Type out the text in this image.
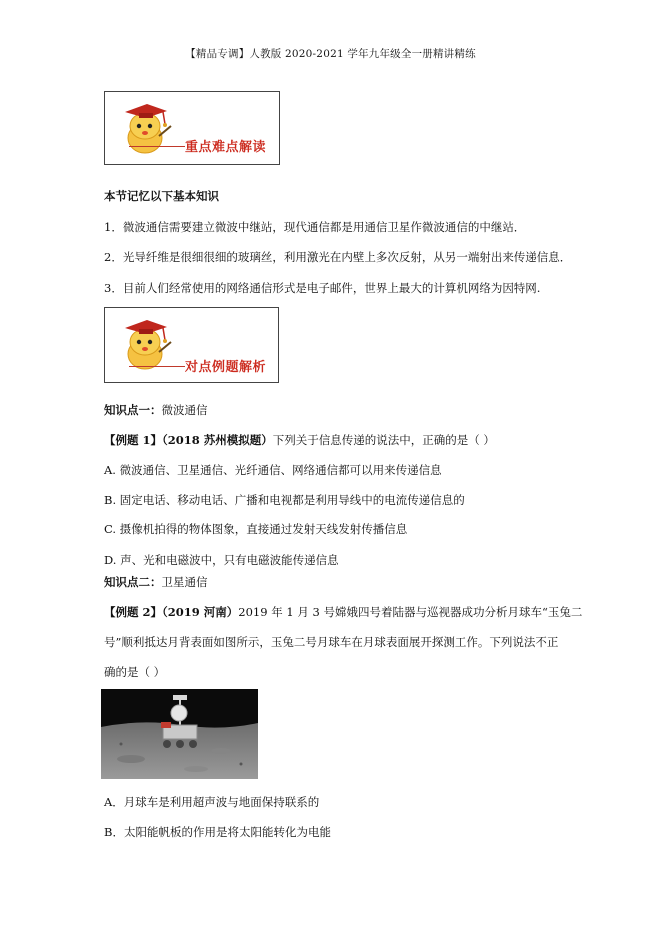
【精品专调】人教版 2020-2021 学年九年级全一册精讲精练
重点难点解读
本节记忆以下基本知识
1．微波通信需要建立微波中继站，现代通信都是用通信卫星作微波通信的中继站．
2．光导纤维是很细很细的玻璃丝，利用激光在内壁上多次反射，从另一端射出来传递信息．
3．目前人们经常使用的网络通信形式是电子邮件，世界上最大的计算机网络为因特网.
对点例题解析
知识点一：微波通信
【例题 1】（2018 苏州模拟题）下列关于信息传递的说法中，正确的是（ ）
A. 微波通信、卫星通信、光纤通信、网络通信都可以用来传递信息
B. 固定电话、移动电话、广播和电视都是利用导线中的电流传递信息的
C. 摄像机拍得的物体图象，直接通过发射天线发射传播信息
D. 声、光和电磁波中，只有电磁波能传递信息
知识点二：卫星通信
【例题 2】（2019 河南）2019 年 1 月 3 号嫦娥四号着陆器与巡视器成功分析月球车“玉兔二
号”顺利抵达月背表面如图所示，玉兔二号月球车在月球表面展开探测工作。下列说法不正
确的是（ ）
A．月球车是利用超声波与地面保持联系的
B．太阳能帆板的作用是将太阳能转化为电能
